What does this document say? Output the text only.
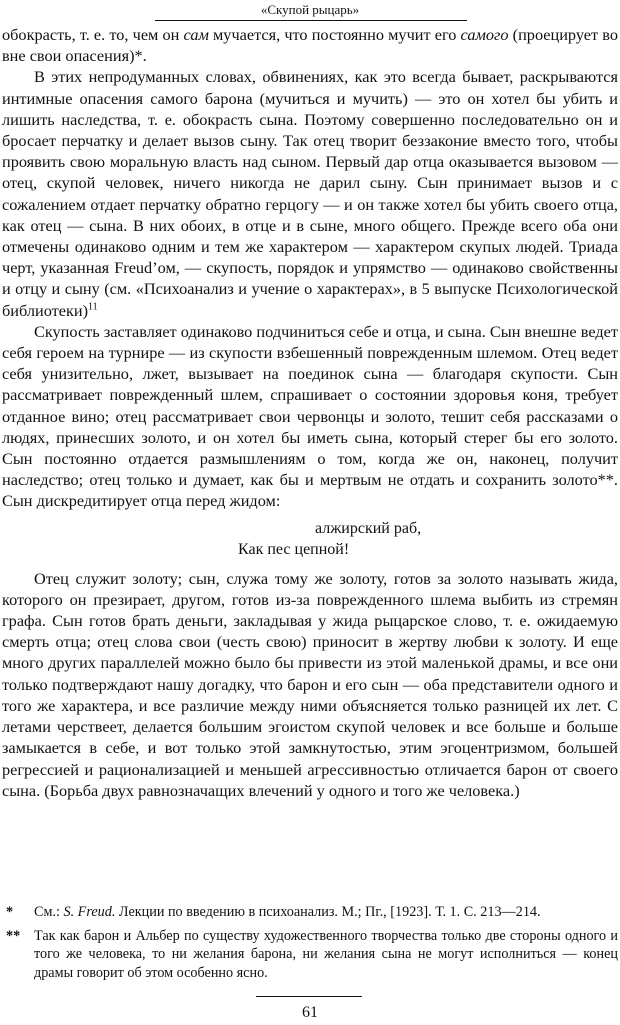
«Скупой рыцарь»

обокрасть, т. е. то, чем он сам мучается, что постоянно мучит его самого (проецирует во вне свои опасения)*.

В этих непродуманных словах, обвинениях, как это всегда бывает, раскрываются интимные опасения самого барона (мучиться и мучить) — это он хотел бы убить и лишить наследства, т. е. обокрасть сына. Поэтому совершенно последовательно он и бросает перчатку и делает вызов сыну. Так отец творит беззаконие вместо того, чтобы проявить свою моральную власть над сыном. Первый дар отца оказывается вызовом — отец, скупой человек, ничего никогда не дарил сыну. Сын принимает вызов и с сожалением отдает перчатку обратно герцогу — и он также хотел бы убить своего отца, как отец — сына. В них обоих, в отце и в сыне, много общего. Прежде всего оба они отмечены одинаково одним и тем же характером — характером скупых людей. Триада черт, указанная Freud’ом, — скупость, порядок и упрямство — одинаково свойственны и отцу и сыну (см. «Психоанализ и учение о характерах», в 5 выпуске Психологической библиотеки)$^{11}$

Скупость заставляет одинаково подчиниться себе и отца, и сына. Сын внешне ведет себя героем на турнире — из скупости взбешенный поврежденным шлемом. Отец ведет себя унизительно, лжет, вызывает на поединок сына — благодаря скупости. Сын рассматривает поврежденный шлем, спрашивает о состоянии здоровья коня, требует отданное вино; отец рассматривает свои червонцы и золото, тешит себя рассказами о людях, принесших золото, и он хотел бы иметь сына, который стерег бы его золото. Сын постоянно отдается размышлениям о том, когда же он, наконец, получит наследство; отец только и думает, как бы и мертвым не отдать и сохранить золото**. Сын дискредитирует отца перед жидом:

алжирский раб,
Как пес цепной!

Отец служит золоту; сын, служа тому же золоту, готов за золото называть жида, которого он презирает, другом, готов из-за поврежденного шлема выбить из стремян графа. Сын готов брать деньги, закладывая у жида рыцарское слово, т. е. ожидаемую смерть отца; отец слова свои (честь свою) приносит в жертву любви к золоту. И еще много других параллелей можно было бы привести из этой маленькой драмы, и все они только подтверждают нашу догадку, что барон и его сын — оба представители одного и того же характера, и все различие между ними объясняется только разницей их лет. С летами черствеет, делается большим эгоистом скупой человек и все больше и больше замыкается в себе, и вот только этой замкнутостью, этим эгоцентризмом, большей регрессией и рационализацией и меньшей агрессивностью отличается барон от своего сына. (Борьба двух равнозначащих влечений у одного и того же человека.)

* См.: S. Freud. Лекции по введению в психоанализ. М.; Пг., [1923]. Т. 1. С. 213—214.
** Так как барон и Альбер по существу художественного творчества только две стороны одного и того же человека, то ни желания барона, ни желания сына не могут исполниться — конец драмы говорит об этом особенно ясно.
61
